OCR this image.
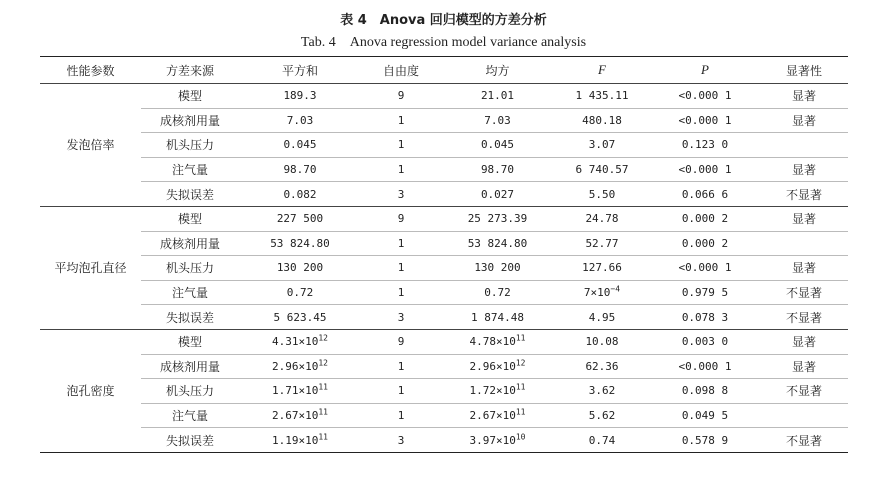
表 4　Anova 回归模型的方差分析
Tab. 4　Anova regression model variance analysis
性能参数	方差来源	平方和	自由度	均方	F	P	显著性
发泡倍率	模型	189.3	9	21.01	1 435.11	<0.000 1	显著
	成核剂用量	7.03	1	7.03	480.18	<0.000 1	显著
	机头压力	0.045	1	0.045	3.07	0.123 0	
	注气量	98.70	1	98.70	6 740.57	<0.000 1	显著
	失拟误差	0.082	3	0.027	5.50	0.066 6	不显著
平均泡孔直径	模型	227 500	9	25 273.39	24.78	0.000 2	显著
	成核剂用量	53 824.80	1	53 824.80	52.77	0.000 2	
	机头压力	130 200	1	130 200	127.66	<0.000 1	显著
	注气量	0.72	1	0.72	$7\times 10^{-4}$	0.979 5	不显著
	失拟误差	5 623.45	3	1 874.48	4.95	0.078 3	不显著
泡孔密度	模型	$4.31\times 10^{12}$	9	$4.78\times 10^{11}$	10.08	0.003 0	显著
	成核剂用量	$2.96\times 10^{12}$	1	$2.96\times 10^{12}$	62.36	<0.000 1	显著
	机头压力	$1.71\times 10^{11}$	1	$1.72\times 10^{11}$	3.62	0.098 8	不显著
	注气量	$2.67\times 10^{11}$	1	$2.67\times 10^{11}$	5.62	0.049 5	
	失拟误差	$1.19\times 10^{11}$	3	$3.97\times 10^{10}$	0.74	0.578 9	不显著
